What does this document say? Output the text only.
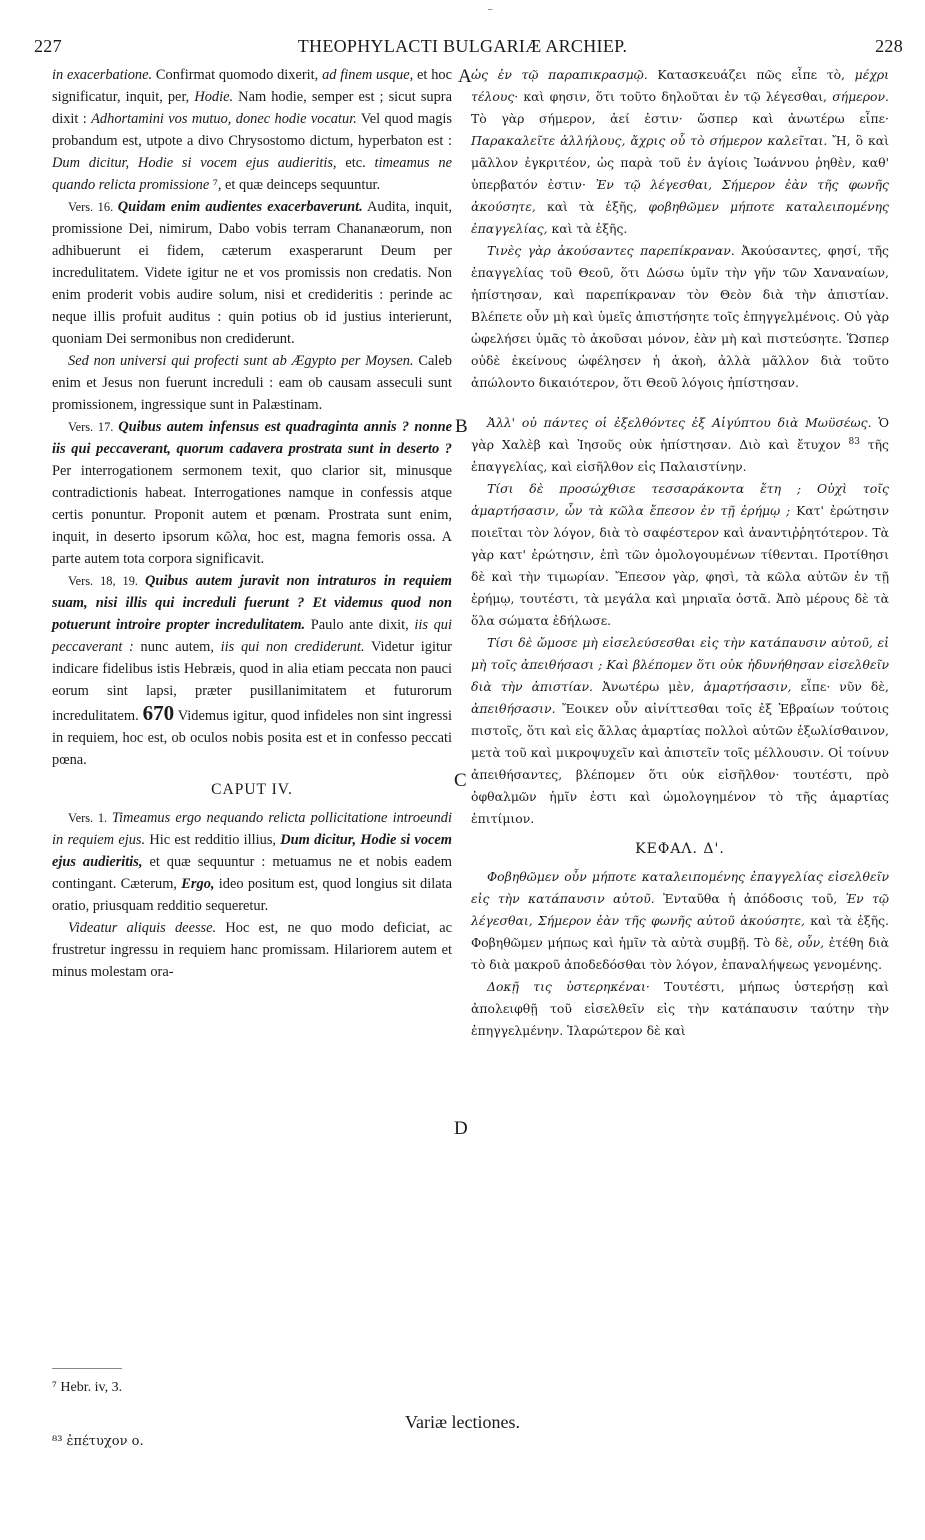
–
THEOPHYLACTI BULGARIÆ ARCHIEP.
227	228

in exacerbatione. Confirmat quomodo dixerit, ad finem usque, et hoc significatur, inquit, per, Hodie. Nam hodie, semper est ; sicut supra dixit : Adhortamini vos mutuo, donec hodie vocatur. Vel quod magis probandum est, utpote a divo Chrysostomo dictum, hyperbaton est : Dum dicitur, Hodie si vocem ejus audieritis, etc. timeamus ne quando relicta promissione ⁷, et quæ deinceps sequuntur.

Vers. 16. Quidam enim audientes exacerbaverunt. Audita, inquit, promissione Dei, nimirum, Dabo vobis terram Chananæorum, non adhibuerunt ei fidem, cæterum exasperarunt Deum per incredulitatem. Videte igitur ne et vos promissis non credatis. Non enim proderit vobis audire solum, nisi et credideritis : perinde ac neque illis profuit auditus : quin potius ob id justius interierunt, quoniam Dei sermonibus non crediderunt.

Sed non universi qui profecti sunt ab Ægypto per Moysen. Caleb enim et Jesus non fuerunt increduli : eam ob causam asseculi sunt promissionem, ingressique sunt in Palæstinam.

Vers. 17. Quibus autem infensus est quadraginta annis ? nonne iis qui peccaverant, quorum cadavera prostrata sunt in deserto ? Per interrogationem sermonem texit, quo clarior sit, minusque contradictionis habeat. Interrogationes namque in confessis atque certis ponuntur. Proponit autem et pœnam. Prostrata sunt enim, inquit, in deserto ipsorum κῶλα, hoc est, magna femoris ossa. A parte autem tota corpora significavit.

Vers. 18, 19. Quibus autem juravit non intraturos in requiem suam, nisi illis qui increduli fuerunt ? Et videmus quod non potuerunt introire propter incredulitatem. Paulo ante dixit, iis qui peccaverant : nunc autem, iis qui non crediderunt. Videtur igitur indicare fidelibus istis Hebræis, quod in alia etiam peccata non pauci eorum sint lapsi, præter pusillanimitatem et futurorum incredulitatem. 670 Videmus igitur, quod infideles non sint ingressi in requiem, hoc est, ob oculos nobis posita est et in confesso peccati pœna.

CAPUT IV.

Vers. 1. Timeamus ergo nequando relicta pollicitatione introeundi in requiem ejus. Hic est redditio illius, Dum dicitur, Hodie si vocem ejus audieritis, et quæ sequuntur : metuamus ne et nobis eadem contingant. Cæterum, Ergo, ideo positum est, quod longius sit dilata oratio, priusquam redditio sequeretur.

Videatur aliquis deesse. Hoc est, ne quo modo deficiat, ac frustretur ingressu in requiem hanc promissam. Hilariorem autem et minus molestam ora-

ὡς ἐν τῷ παραπικρασμῷ. Κατασκευάζει πῶς εἶπε τὸ, μέχρι τέλους· καὶ φησιν, ὅτι τοῦτο δηλοῦται ἐν τῷ λέγεσθαι, σήμερον. Τὸ γὰρ σήμερον, ἀεί ἐστιν· ὥσπερ καὶ ἀνωτέρω εἶπε· Παρακαλεῖτε ἀλλήλους, ἄχρις οὗ τὸ σήμερον καλεῖται. Ἤ, ὃ καὶ μᾶλλον ἐγκριτέον, ὡς παρὰ τοῦ ἐν ἁγίοις Ἰωάννου ῥηθὲν, καθ' ὑπερβατόν ἐστιν· Ἐν τῷ λέγεσθαι, Σήμερον ἐὰν τῆς φωνῆς ἀκούσητε, καὶ τὰ ἑξῆς, φοβηθῶμεν μήποτε καταλειπομένης ἐπαγγελίας, καὶ τὰ ἑξῆς.

Τινὲς γὰρ ἀκούσαντες παρεπίκραναν. Ἀκούσαντες, φησί, τῆς ἐπαγγελίας τοῦ Θεοῦ, ὅτι Δώσω ὑμῖν τὴν γῆν τῶν Χαναναίων, ἠπίστησαν, καὶ παρεπίκραναν τὸν Θεὸν διὰ τὴν ἀπιστίαν. Βλέπετε οὖν μὴ καὶ ὑμεῖς ἀπιστήσητε τοῖς ἐπηγγελμένοις. Οὐ γὰρ ὠφελήσει ὑμᾶς τὸ ἀκοῦσαι μόνον, ἐὰν μὴ καὶ πιστεύσητε. Ὥσπερ οὐδὲ ἐκείνους ὠφέλησεν ἡ ἀκοὴ, ἀλλὰ μᾶλλον διὰ τοῦτο ἀπώλοντο δικαιότερον, ὅτι Θεοῦ λόγοις ἠπίστησαν.

Ἀλλ' οὐ πάντες οἱ ἐξελθόντες ἐξ Αἰγύπτου διὰ Μωϋσέως. Ὁ γὰρ Χαλὲβ καὶ Ἰησοῦς οὐκ ἠπίστησαν. Διὸ καὶ ἔτυχον $^{83}$ τῆς ἐπαγγελίας, καὶ εἰσῆλθον εἰς Παλαιστίνην.

Τίσι δὲ προσώχθισε τεσσαράκοντα ἔτη ; Οὐχὶ τοῖς ἁμαρτήσασιν, ὧν τὰ κῶλα ἔπεσον ἐν τῇ ἐρήμῳ ; Κατ' ἐρώτησιν ποιεῖται τὸν λόγον, διὰ τὸ σαφέστερον καὶ ἀναντιῤῥητότερον. Τὰ γὰρ κατ' ἐρώτησιν, ἐπὶ τῶν ὁμολογουμένων τίθενται. Προτίθησι δὲ καὶ τὴν τιμωρίαν. Ἔπεσον γὰρ, φησὶ, τὰ κῶλα αὐτῶν ἐν τῇ ἐρήμῳ, τουτέστι, τὰ μεγάλα καὶ μηριαῖα ὀστᾶ. Ἀπὸ μέρους δὲ τὰ ὅλα σώματα ἐδήλωσε.

Τίσι δὲ ὤμοσε μὴ εἰσελεύσεσθαι εἰς τὴν κατάπαυσιν αὐτοῦ, εἰ μὴ τοῖς ἀπειθήσασι ; Καὶ βλέπομεν ὅτι οὐκ ἠδυνήθησαν εἰσελθεῖν διὰ τὴν ἀπιστίαν. Ἀνωτέρω μὲν, ἁμαρτήσασιν, εἶπε· νῦν δὲ, ἀπειθήσασιν. Ἔοικεν οὖν αἰνίττεσθαι τοῖς ἐξ Ἑβραίων τούτοις πιστοῖς, ὅτι καὶ εἰς ἄλλας ἁμαρτίας πολλοὶ αὐτῶν ἐξωλίσθαινον, μετὰ τοῦ καὶ μικροψυχεῖν καὶ ἀπιστεῖν τοῖς μέλλουσιν. Οἱ τοίνυν ἀπειθήσαντες, βλέπομεν ὅτι οὐκ εἰσῆλθον· τουτέστι, πρὸ ὀφθαλμῶν ἡμῖν ἐστι καὶ ὡμολογημένον τὸ τῆς ἁμαρτίας ἐπιτίμιον.

ΚΕΦΑΛ. Δ'.

Φοβηθῶμεν οὖν μήποτε καταλειπομένης ἐπαγγελίας εἰσελθεῖν εἰς τὴν κατάπαυσιν αὐτοῦ. Ἐνταῦθα ἡ ἀπόδοσις τοῦ, Ἐν τῷ λέγεσθαι, Σήμερον ἐὰν τῆς φωνῆς αὐτοῦ ἀκούσητε, καὶ τὰ ἑξῆς. Φοβηθῶμεν μήπως καὶ ἡμῖν τὰ αὐτὰ συμβῇ. Τὸ δὲ, οὖν, ἐτέθη διὰ τὸ διὰ μακροῦ ἀποδεδόσθαι τὸν λόγον, ἐπαναλήψεως γενομένης.

Δοκῇ τις ὑστερηκέναι· Τουτέστι, μήπως ὑστερήσῃ καὶ ἀπολειφθῇ τοῦ εἰσελθεῖν εἰς τὴν κατάπαυσιν ταύτην τὴν ἐπηγγελμένην. Ἱλαρώτερον δὲ καὶ

A
B
C
D
⁷ Hebr. iv, 3.
Variæ lectiones.
⁸³ ἐπέτυχον ο.
